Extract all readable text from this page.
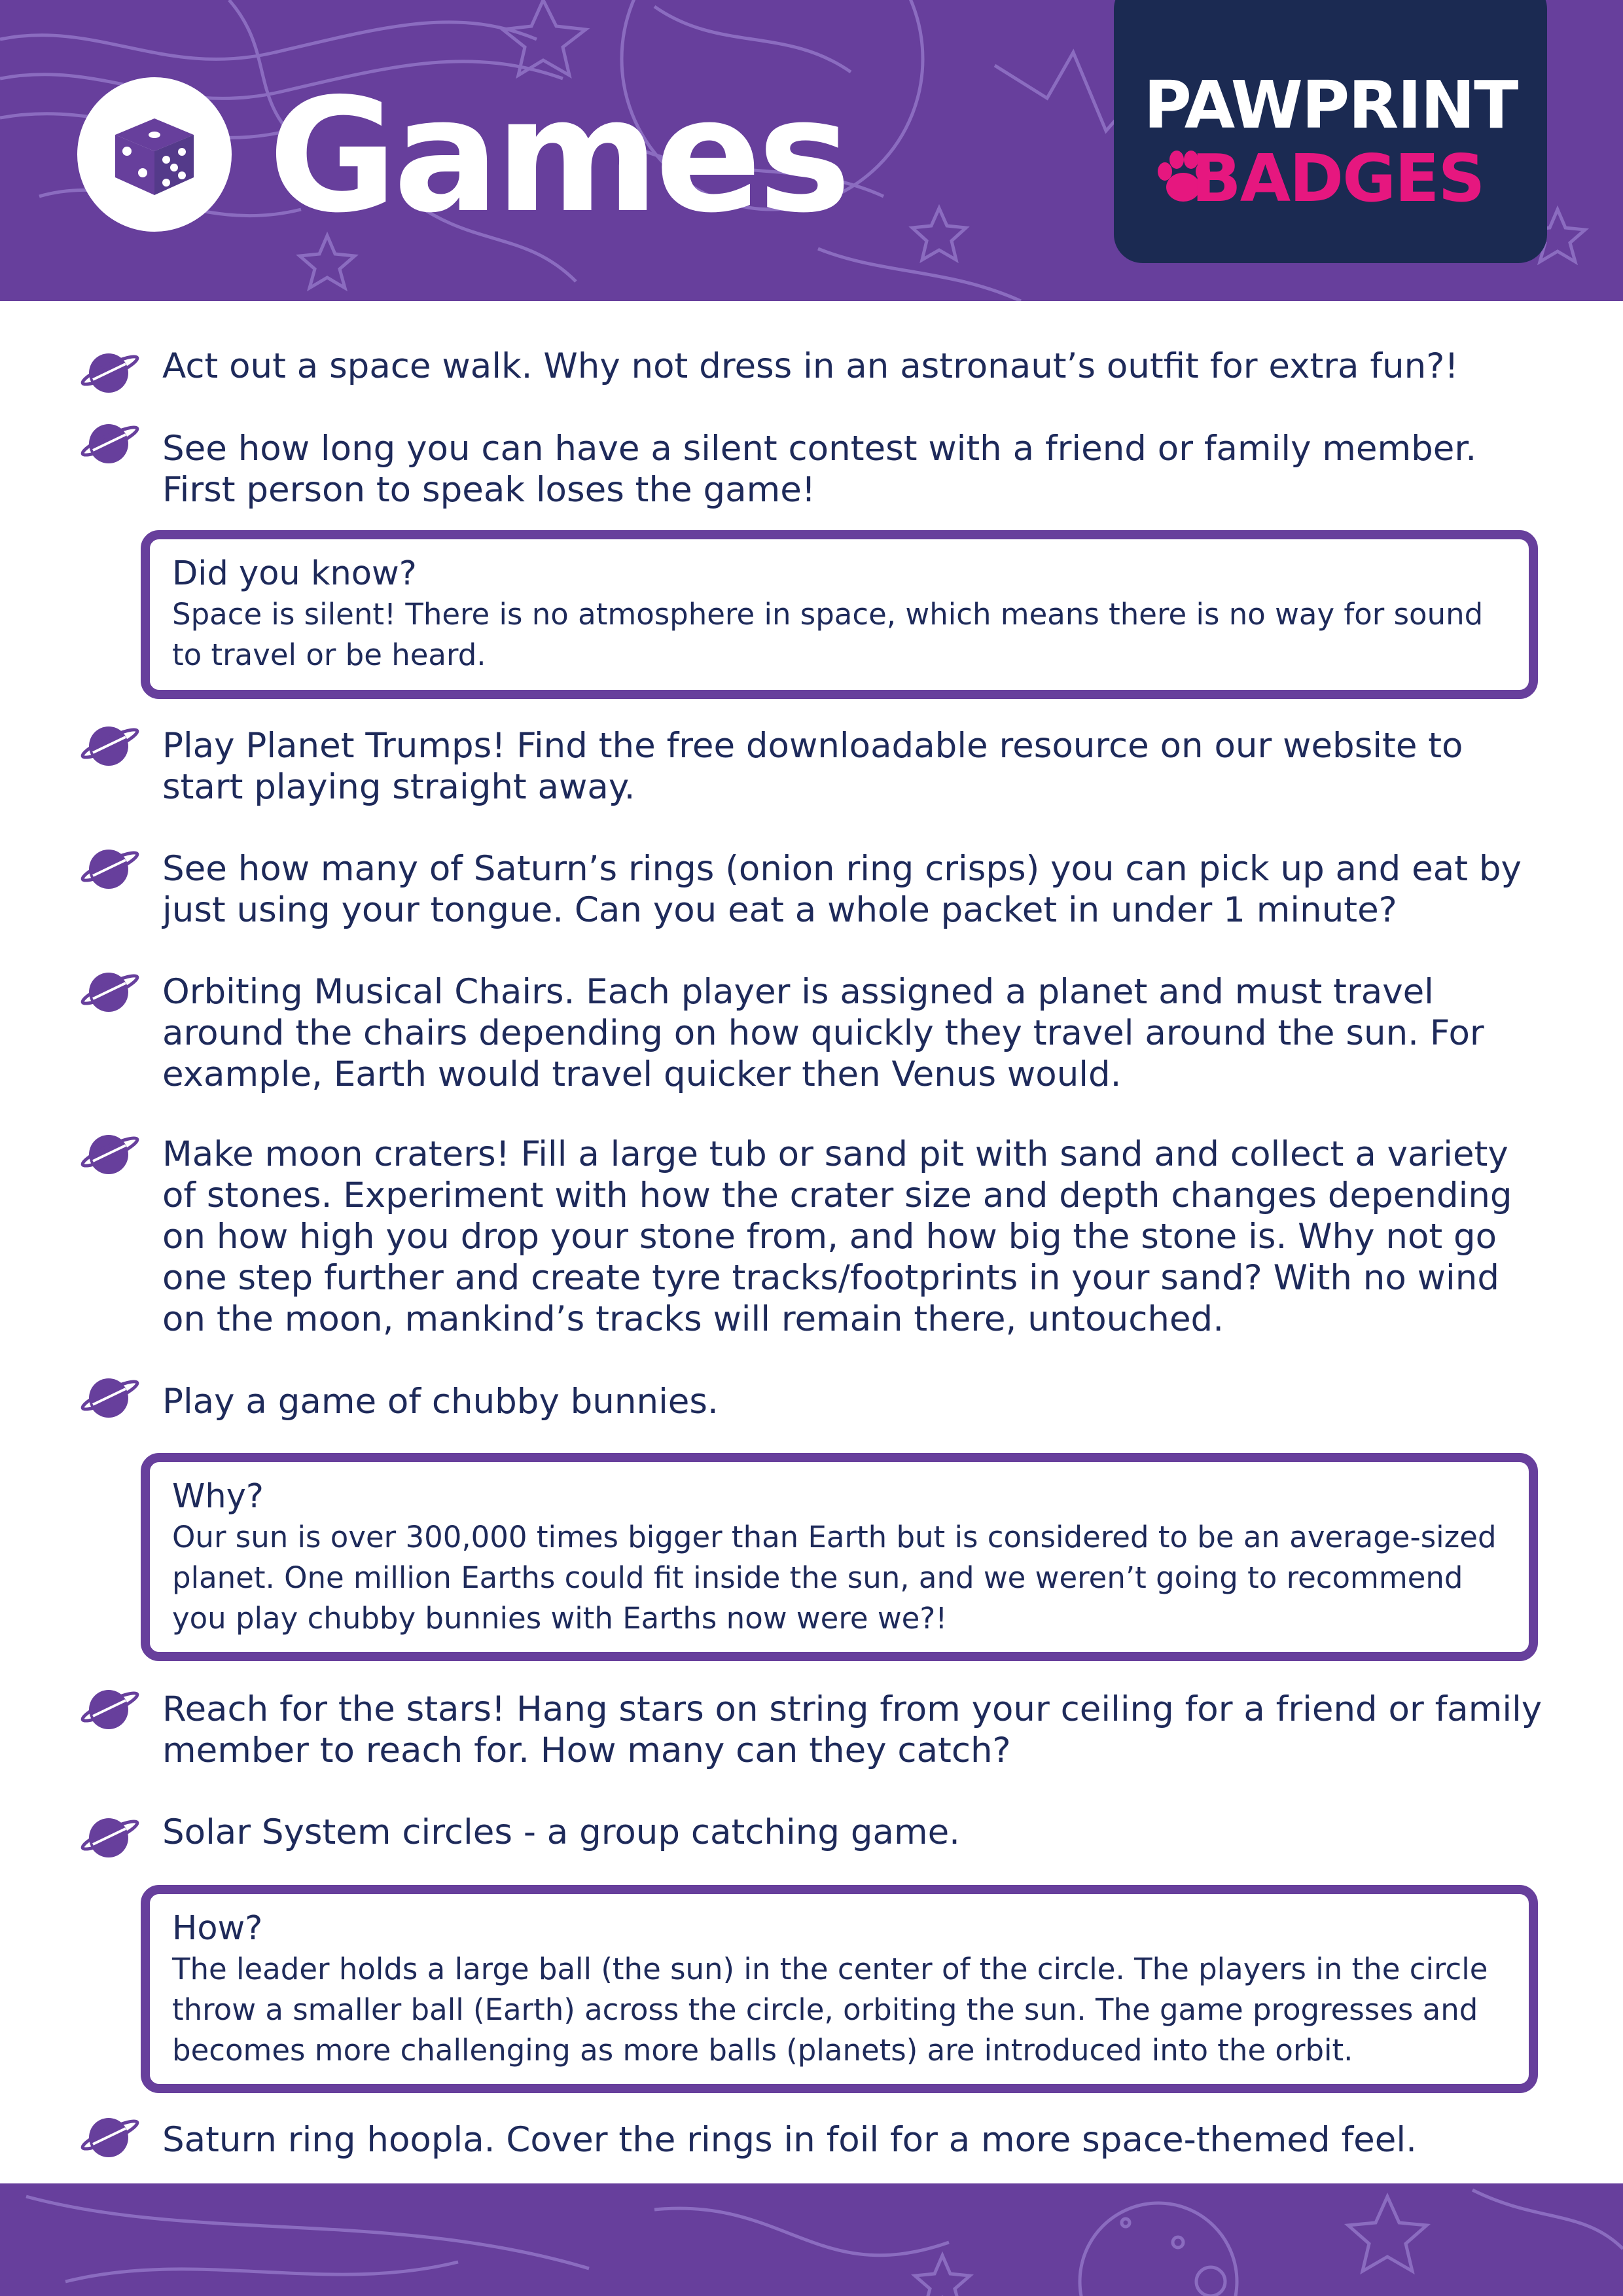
Games	PAWPRINT
BADGES
Act out a space walk. Why not dress in an astronaut’s outfit for extra fun?!
See how long you can have a silent contest with a friend or family member. First person to speak loses the game!
Did you know?
Space is silent! There is no atmosphere in space, which means there is no way for sound to travel or be heard.
Play Planet Trumps! Find the free downloadable resource on our website to start playing straight away.
See how many of Saturn’s rings (onion ring crisps) you can pick up and eat by just using your tongue. Can you eat a whole packet in under 1 minute?
Orbiting Musical Chairs. Each player is assigned a planet and must travel around the chairs depending on how quickly they travel around the sun. For example, Earth would travel quicker then Venus would.
Make moon craters! Fill a large tub or sand pit with sand and collect a variety of stones. Experiment with how the crater size and depth changes depending on how high you drop your stone from, and how big the stone is. Why not go one step further and create tyre tracks/footprints in your sand? With no wind on the moon, mankind’s tracks will remain there, untouched.
Play a game of chubby bunnies.
Why?
Our sun is over 300,000 times bigger than Earth but is considered to be an average-sized planet. One million Earths could fit inside the sun, and we weren’t going to recommend you play chubby bunnies with Earths now were we?!
Reach for the stars! Hang stars on string from your ceiling for a friend or family member to reach for. How many can they catch?
Solar System circles - a group catching game.
How?
The leader holds a large ball (the sun) in the center of the circle. The players in the circle throw a smaller ball (Earth) across the circle, orbiting the sun. The game progresses and becomes more challenging as more balls (planets) are introduced into the orbit.
Saturn ring hoopla. Cover the rings in foil for a more space-themed feel.
